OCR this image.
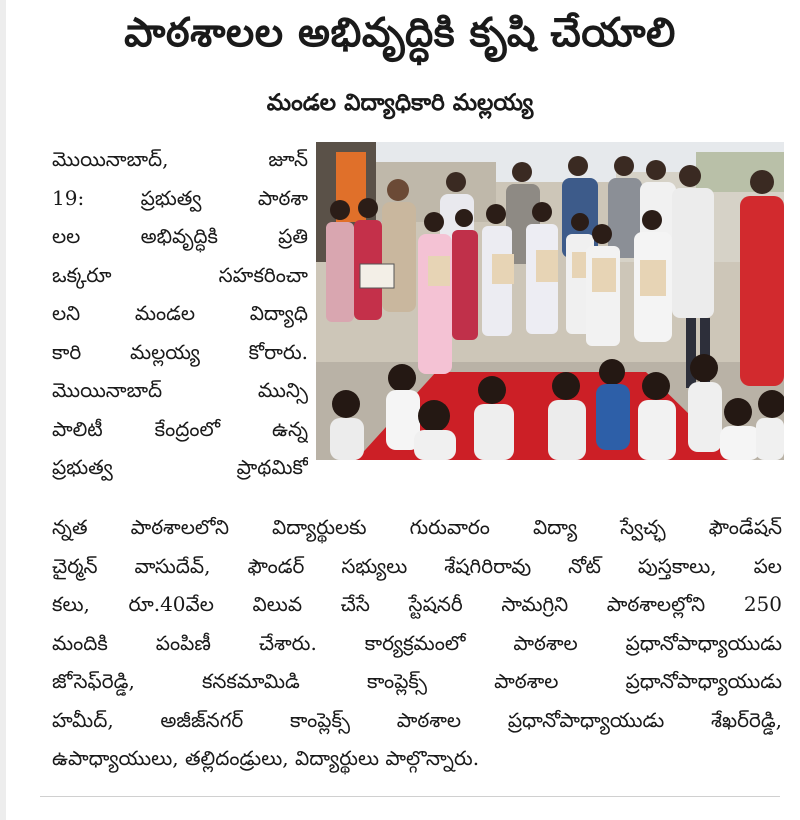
పాఠశాలల అభివృద్ధికి కృషి చేయాలి
మండల విద్యాధికారి మల్లయ్య
మొయినాబాద్, జూన్
19: ప్రభుత్వ పాఠశా
లల అభివృద్ధికి ప్రతి
ఒక్కరూ సహకరించా
లని మండల విద్యాధి
కారి మల్లయ్య కోరారు.
మొయినాబాద్ మున్సి
పాలిటీ కేంద్రంలో ఉన్న
ప్రభుత్వ ప్రాథమికో
న్నత పాఠశాలలోని విద్యార్థులకు గురువారం విద్యా స్వేచ్ఛ ఫౌండేషన్
చైర్మన్ వాసుదేవ్, ఫౌండర్ సభ్యులు శేషగిరిరావు నోట్ పుస్తకాలు, పల
కలు, రూ.40వేల విలువ చేసే స్టేషనరీ సామగ్రిని పాఠశాలల్లోని 250
మందికి పంపిణీ చేశారు. కార్యక్రమంలో పాఠశాల ప్రధానోపాధ్యాయుడు
జోసెఫ్‌రెడ్డి, కనకమామిడి కాంప్లెక్స్ పాఠశాల ప్రధానోపాధ్యాయుడు
హమీద్, అజీజ్‌నగర్ కాంప్లెక్స్ పాఠశాల ప్రధానోపాధ్యాయుడు శేఖర్‌రెడ్డి,
ఉపాధ్యాయులు, తల్లిదండ్రులు, విద్యార్థులు పాల్గొన్నారు.
